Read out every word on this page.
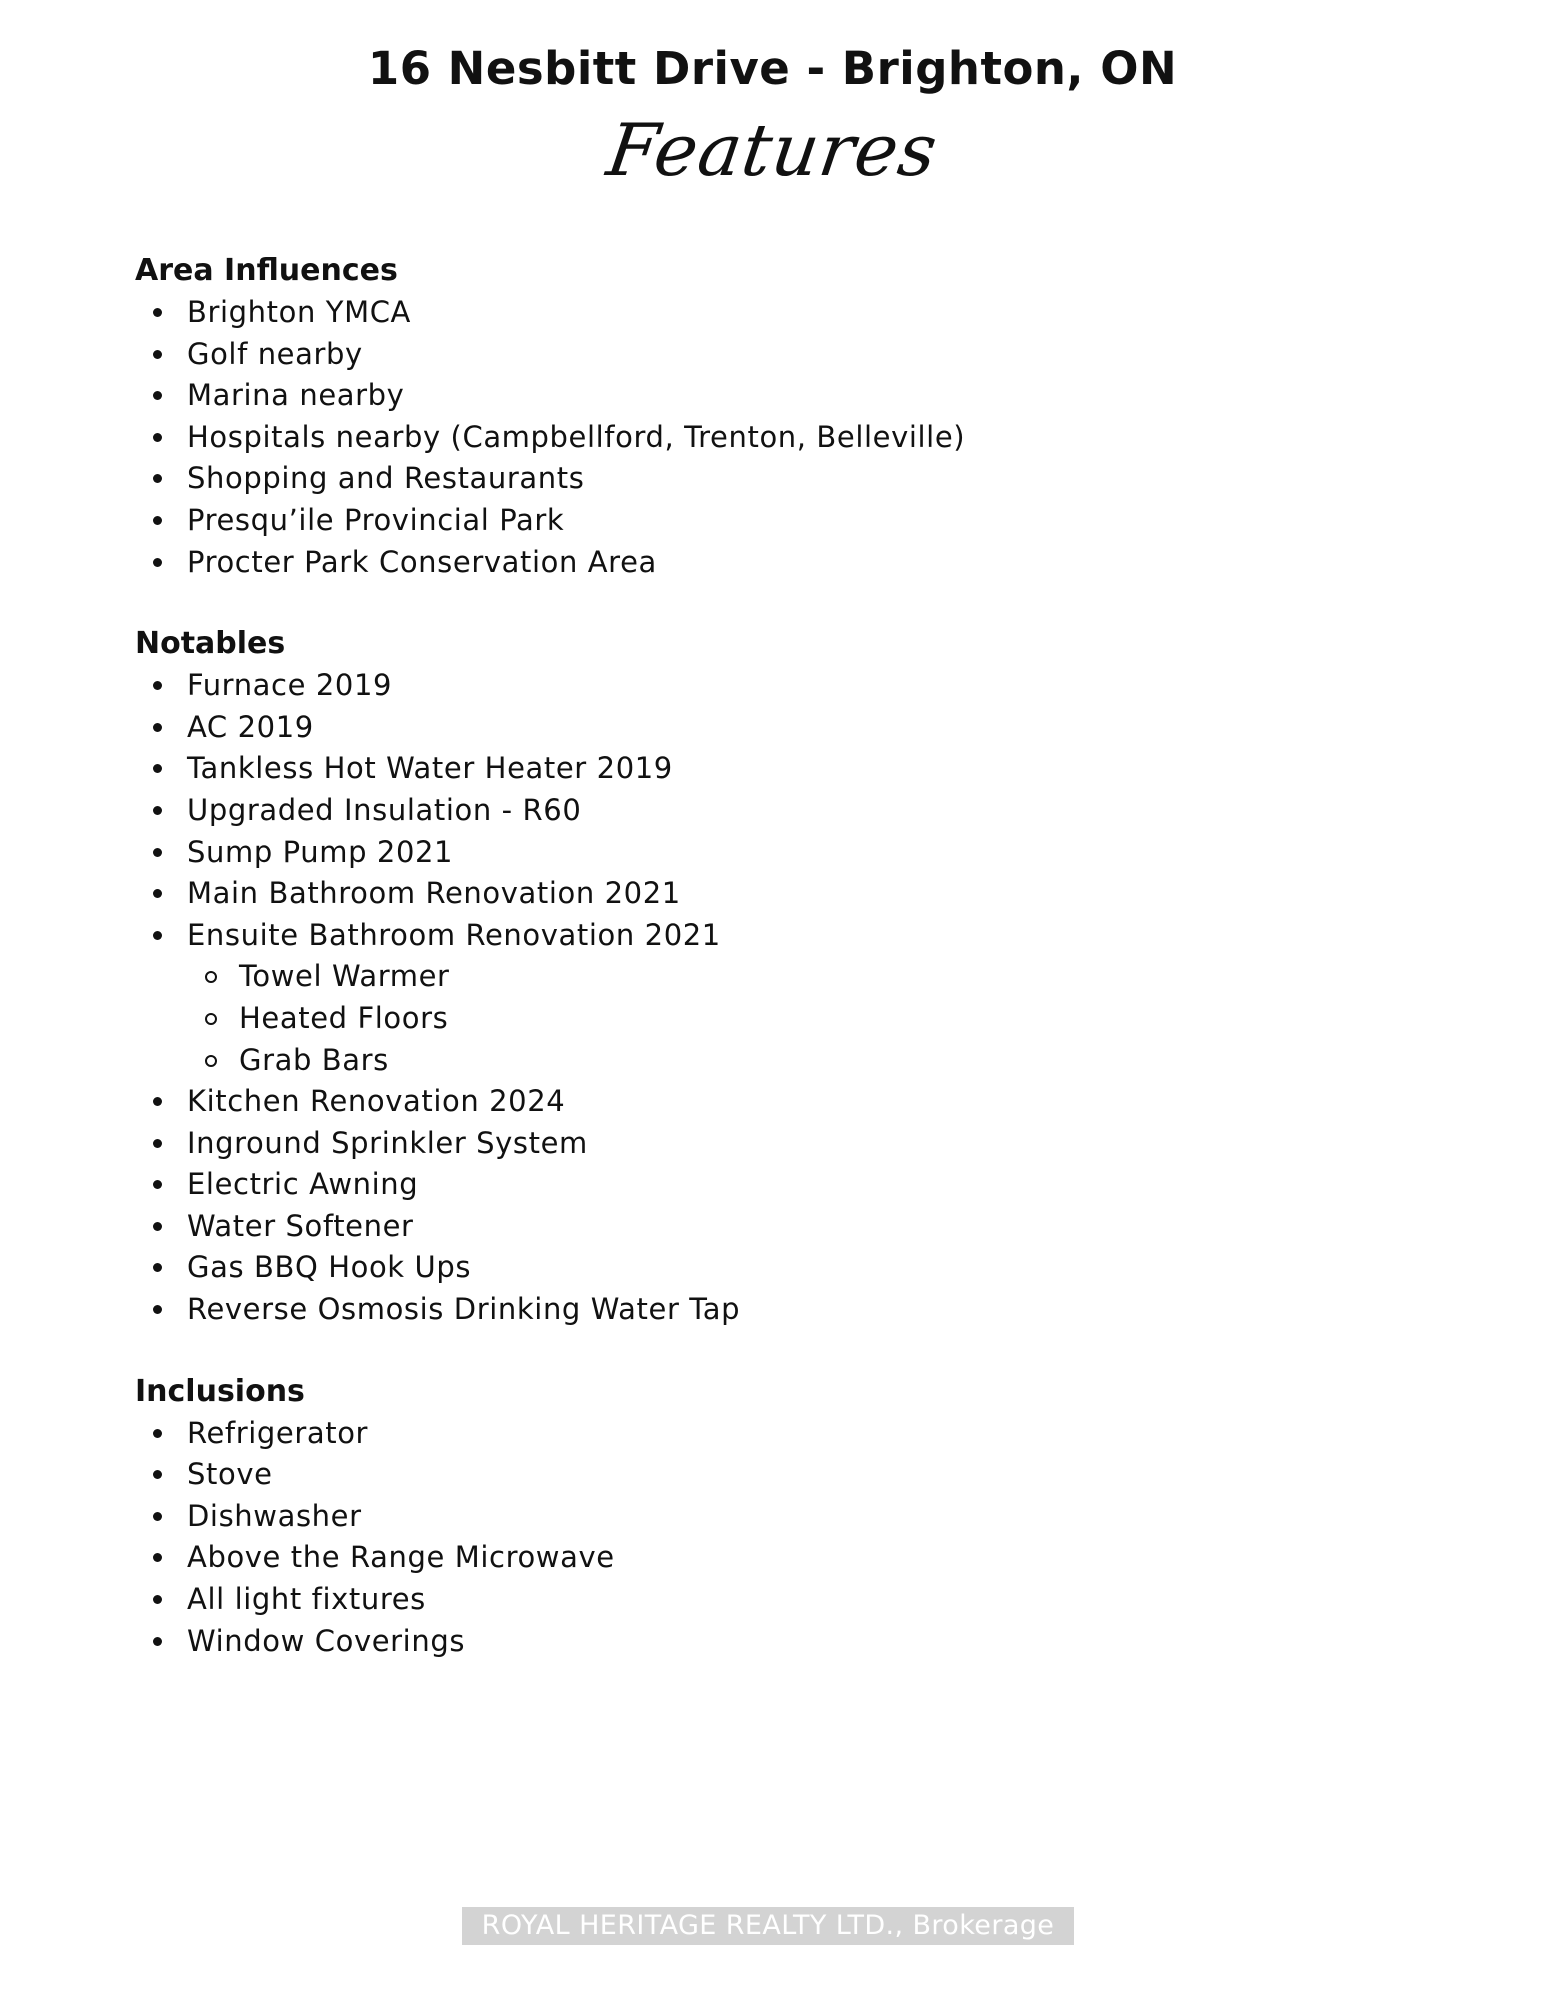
16 Nesbitt Drive - Brighton, ON
Features
Area Influences
Brighton YMCA
Golf nearby
Marina nearby
Hospitals nearby (Campbellford, Trenton, Belleville)
Shopping and Restaurants
Presqu’ile Provincial Park
Procter Park Conservation Area
Notables
Furnace 2019
AC 2019
Tankless Hot Water Heater 2019
Upgraded Insulation - R60
Sump Pump 2021
Main Bathroom Renovation 2021
Ensuite Bathroom Renovation 2021
Towel Warmer
Heated Floors
Grab Bars
Kitchen Renovation 2024
Inground Sprinkler System
Electric Awning
Water Softener
Gas BBQ Hook Ups
Reverse Osmosis Drinking Water Tap
Inclusions
Refrigerator
Stove
Dishwasher
Above the Range Microwave
All light fixtures
Window Coverings
ROYAL HERITAGE REALTY LTD., Brokerage
